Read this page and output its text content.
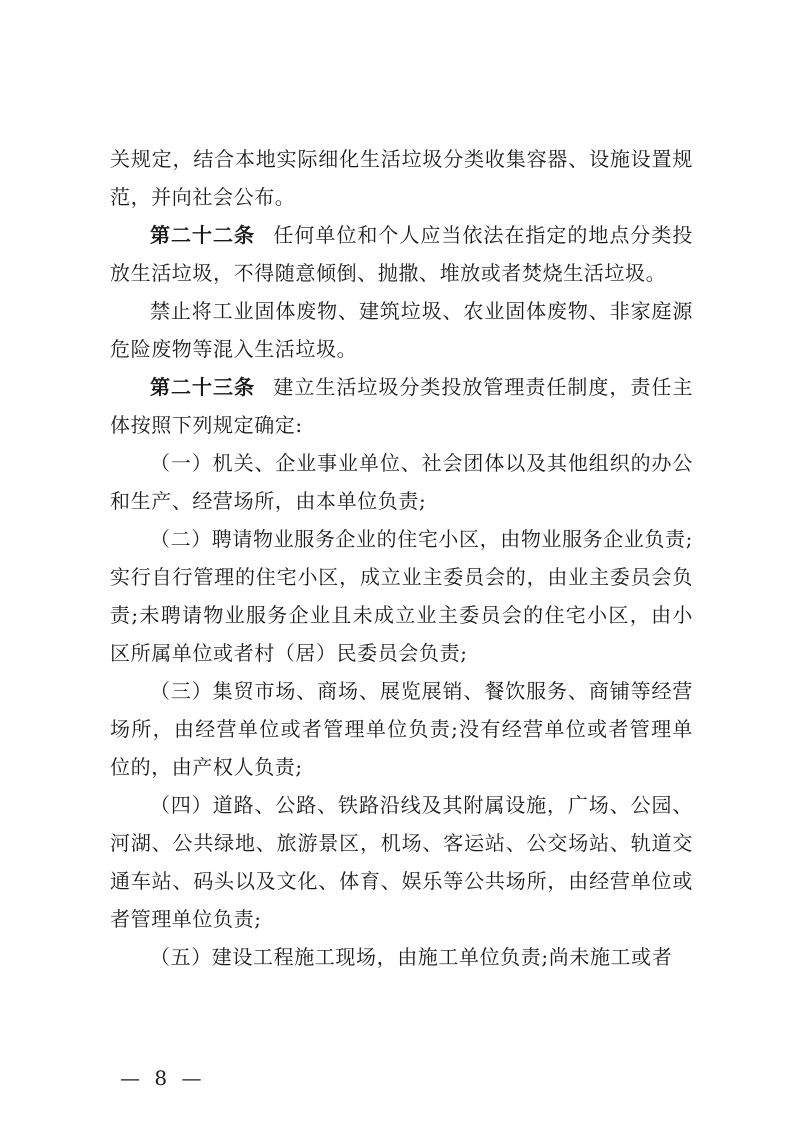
关规定，结合本地实际细化生活垃圾分类收集容器、设施设置规范，并向社会公布。

第二十二条 任何单位和个人应当依法在指定的地点分类投放生活垃圾，不得随意倾倒、抛撒、堆放或者焚烧生活垃圾。

禁止将工业固体废物、建筑垃圾、农业固体废物、非家庭源危险废物等混入生活垃圾。

第二十三条 建立生活垃圾分类投放管理责任制度，责任主体按照下列规定确定:

（一）机关、企业事业单位、社会团体以及其他组织的办公和生产、经营场所，由本单位负责;

（二）聘请物业服务企业的住宅小区，由物业服务企业负责;实行自行管理的住宅小区，成立业主委员会的，由业主委员会负责;未聘请物业服务企业且未成立业主委员会的住宅小区，由小区所属单位或者村（居）民委员会负责;

（三）集贸市场、商场、展览展销、餐饮服务、商铺等经营场所，由经营单位或者管理单位负责;没有经营单位或者管理单位的，由产权人负责;

（四）道路、公路、铁路沿线及其附属设施，广场、公园、河湖、公共绿地、旅游景区，机场、客运站、公交场站、轨道交通车站、码头以及文化、体育、娱乐等公共场所，由经营单位或者管理单位负责;

（五）建设工程施工现场，由施工单位负责;尚未施工或者

— 8 —
